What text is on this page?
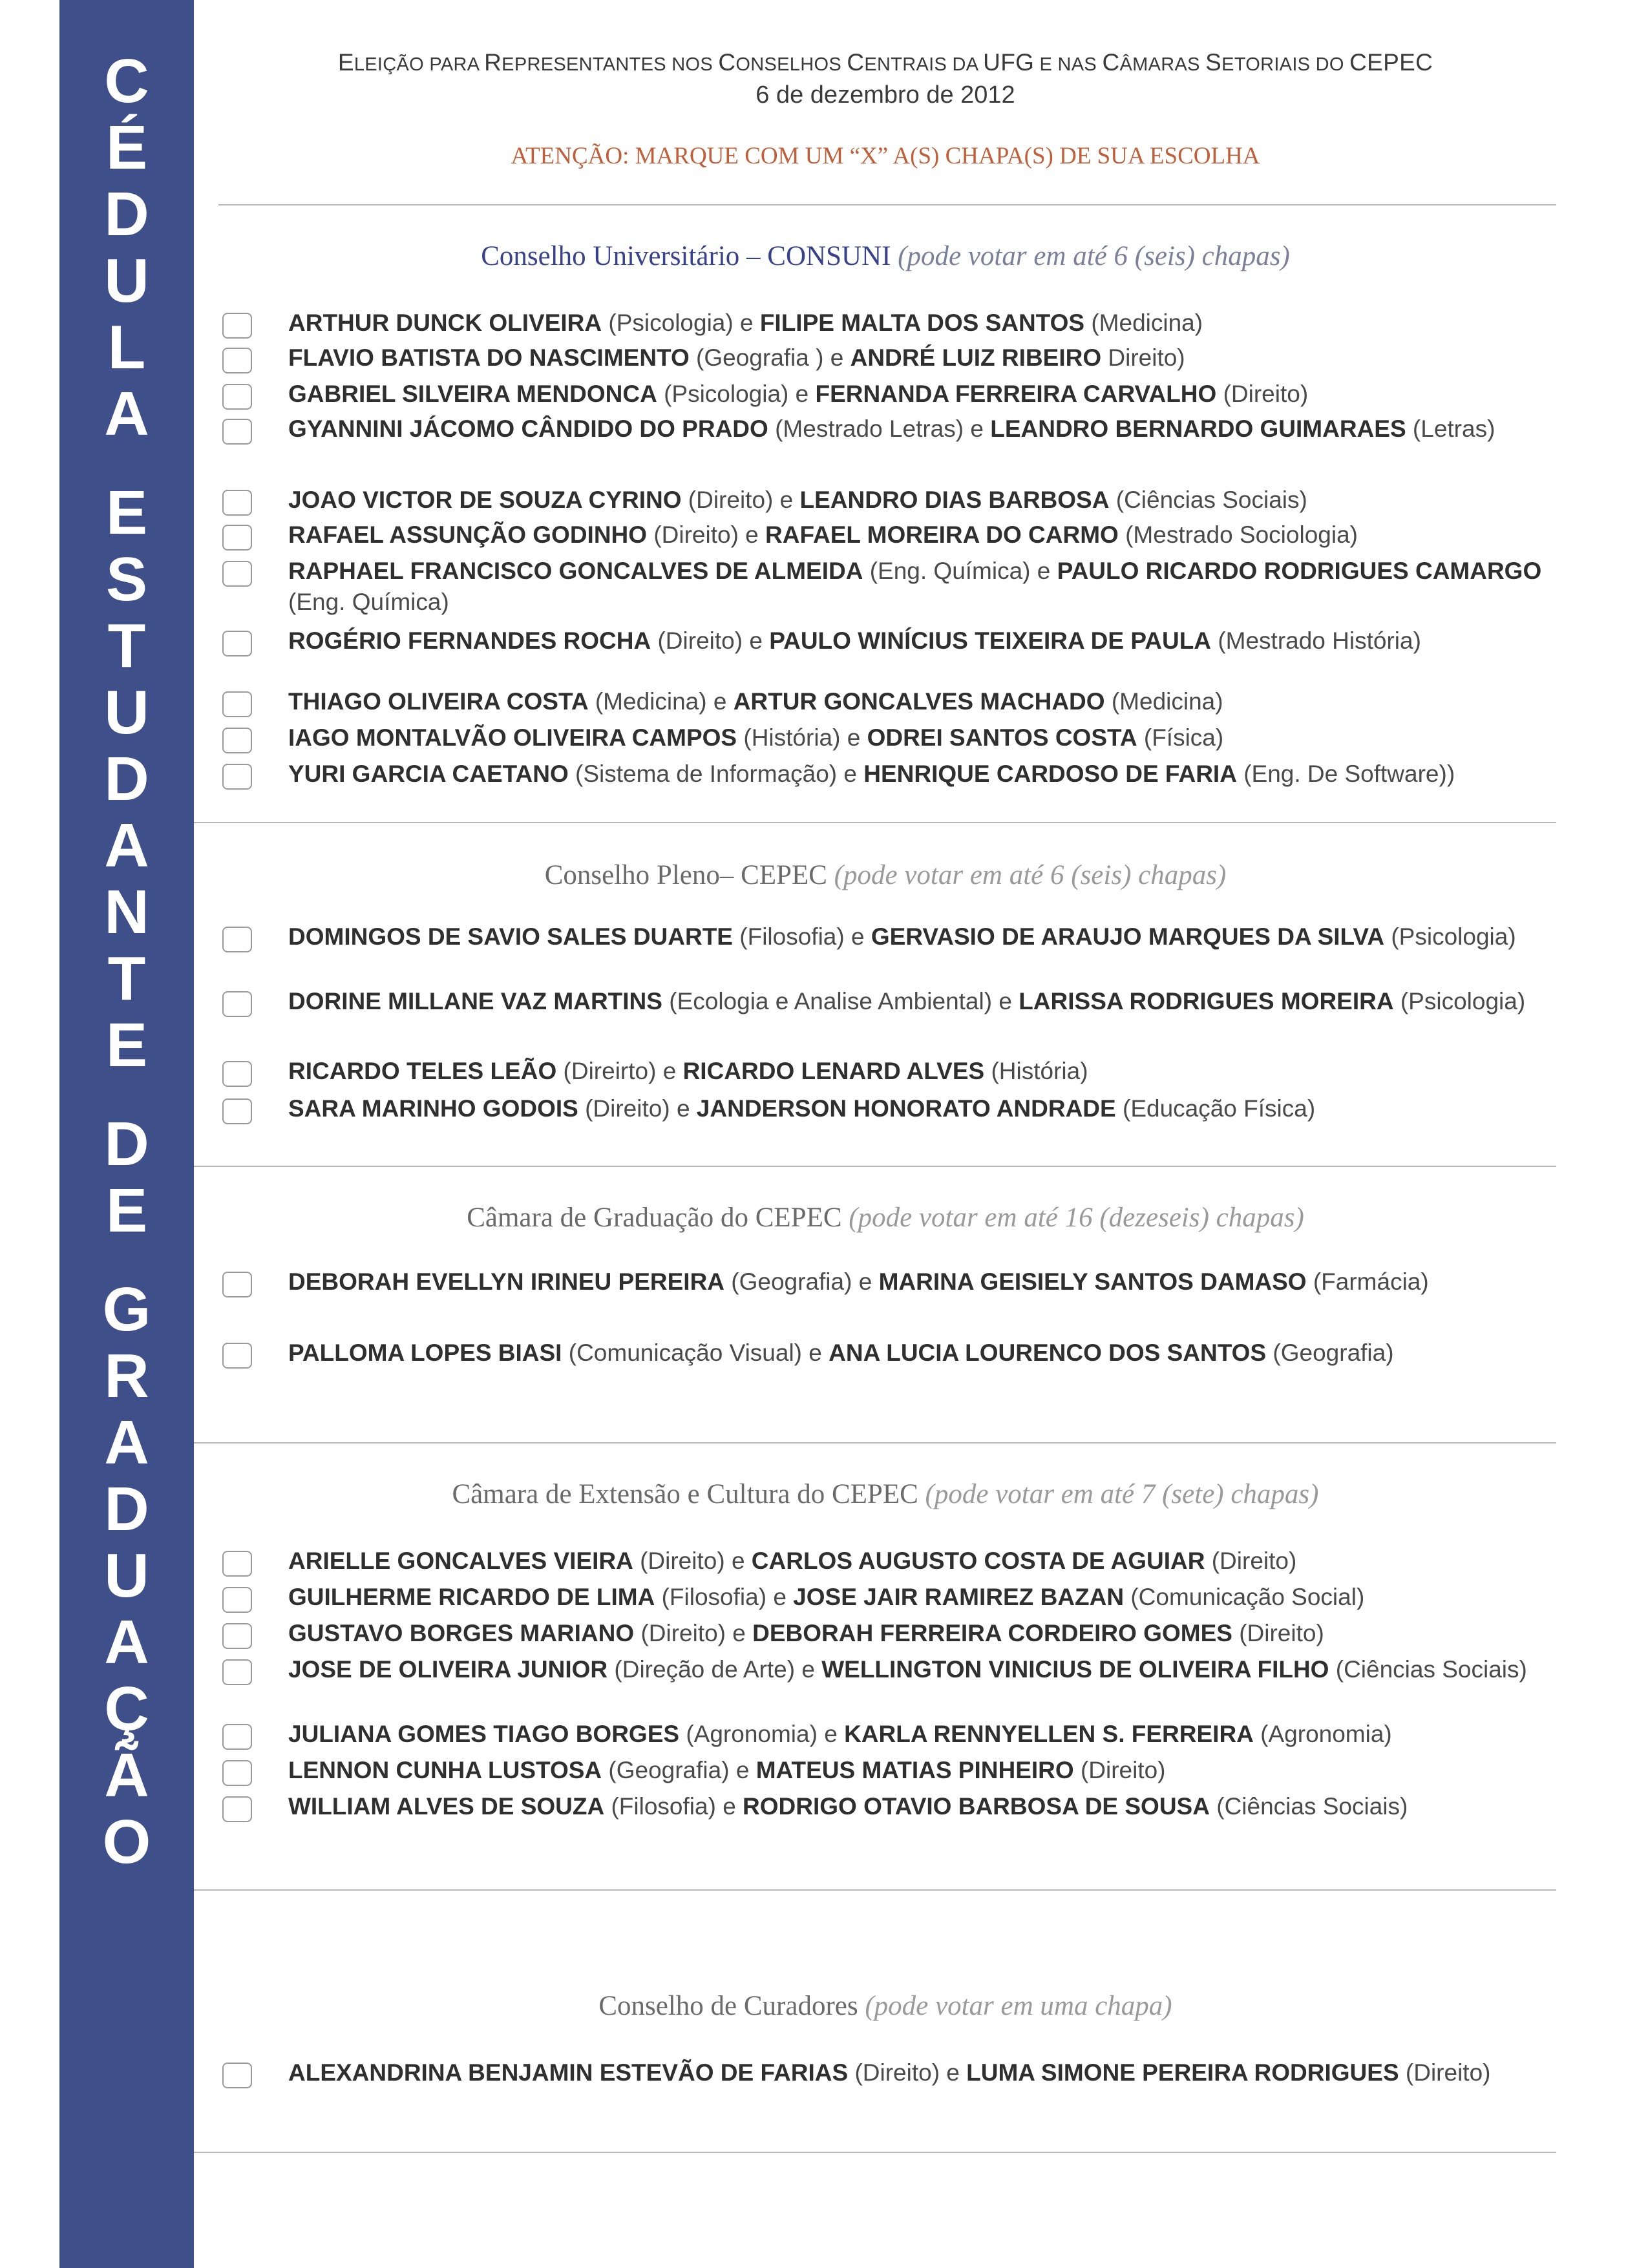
C
É
D
U
L
A
E
S
T
U
D
A
N
T
E
D
E
G
R
A
D
U
A
Ç
Ã
O
ELEIÇÃO PARA REPRESENTANTES NOS CONSELHOS CENTRAIS DA UFG E NAS CÂMARAS SETORIAIS DO CEPEC
6 de dezembro de 2012
ATENÇÃO: MARQUE COM UM “X” A(S) CHAPA(S) DE SUA ESCOLHA
Conselho Universitário – CONSUNI (pode votar em até 6 (seis) chapas)
ARTHUR DUNCK OLIVEIRA (Psicologia) e FILIPE MALTA DOS SANTOS (Medicina)
FLAVIO BATISTA DO NASCIMENTO (Geografia ) e ANDRÉ LUIZ RIBEIRO Direito)
GABRIEL SILVEIRA MENDONCA (Psicologia) e FERNANDA FERREIRA CARVALHO (Direito)
GYANNINI JÁCOMO CÂNDIDO DO PRADO (Mestrado Letras) e LEANDRO BERNARDO GUIMARAES (Letras)
JOAO VICTOR DE SOUZA CYRINO (Direito) e LEANDRO DIAS BARBOSA (Ciências Sociais)
RAFAEL ASSUNÇÃO GODINHO (Direito) e RAFAEL MOREIRA DO CARMO (Mestrado Sociologia)
RAPHAEL FRANCISCO GONCALVES DE ALMEIDA (Eng. Química) e PAULO RICARDO RODRIGUES CAMARGO (Eng. Química)
ROGÉRIO FERNANDES ROCHA (Direito) e PAULO WINÍCIUS TEIXEIRA DE PAULA (Mestrado História)
THIAGO OLIVEIRA COSTA (Medicina) e ARTUR GONCALVES MACHADO (Medicina)
IAGO MONTALVÃO OLIVEIRA CAMPOS (História) e ODREI SANTOS COSTA (Física)
YURI GARCIA CAETANO (Sistema de Informação) e HENRIQUE CARDOSO DE FARIA (Eng. De Software))
Conselho Pleno– CEPEC (pode votar em até 6 (seis) chapas)
DOMINGOS DE SAVIO SALES DUARTE (Filosofia) e GERVASIO DE ARAUJO MARQUES DA SILVA (Psicologia)
DORINE MILLANE VAZ MARTINS (Ecologia e Analise Ambiental) e LARISSA RODRIGUES MOREIRA (Psicologia)
RICARDO TELES LEÃO (Direirto) e RICARDO LENARD ALVES (História)
SARA MARINHO GODOIS (Direito) e JANDERSON HONORATO ANDRADE (Educação Física)
Câmara de Graduação do CEPEC (pode votar em até 16 (dezeseis) chapas)
DEBORAH EVELLYN IRINEU PEREIRA (Geografia) e MARINA GEISIELY SANTOS DAMASO (Farmácia)
PALLOMA LOPES BIASI (Comunicação Visual) e ANA LUCIA LOURENCO DOS SANTOS (Geografia)
Câmara de Extensão e Cultura do CEPEC (pode votar em até 7 (sete) chapas)
ARIELLE GONCALVES VIEIRA (Direito) e CARLOS AUGUSTO COSTA DE AGUIAR (Direito)
GUILHERME RICARDO DE LIMA (Filosofia) e JOSE JAIR RAMIREZ BAZAN (Comunicação Social)
GUSTAVO BORGES MARIANO (Direito) e DEBORAH FERREIRA CORDEIRO GOMES (Direito)
JOSE DE OLIVEIRA JUNIOR (Direção de Arte) e WELLINGTON VINICIUS DE OLIVEIRA FILHO (Ciências Sociais)
JULIANA GOMES TIAGO BORGES (Agronomia) e KARLA RENNYELLEN S. FERREIRA (Agronomia)
LENNON CUNHA LUSTOSA (Geografia) e MATEUS MATIAS PINHEIRO (Direito)
WILLIAM ALVES DE SOUZA (Filosofia) e RODRIGO OTAVIO BARBOSA DE SOUSA (Ciências Sociais)
Conselho de Curadores (pode votar em uma chapa)
ALEXANDRINA BENJAMIN ESTEVÃO DE FARIAS (Direito) e LUMA SIMONE PEREIRA RODRIGUES (Direito)
